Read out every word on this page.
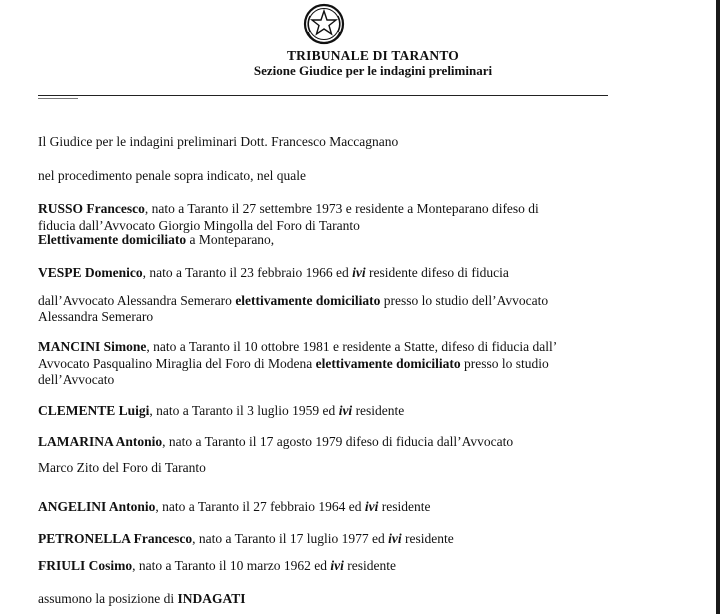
TRIBUNALE DI TARANTO
Sezione Giudice per le indagini preliminari
Il Giudice per le indagini preliminari Dott. Francesco Maccagnano
nel procedimento penale sopra indicato, nel quale
RUSSO Francesco, nato a Taranto il 27 settembre 1973 e residente a Monteparano difeso di
fiducia dall’Avvocato Giorgio Mingolla del Foro di Taranto
Elettivamente domiciliato a Monteparano,
VESPE Domenico, nato a Taranto il 23 febbraio 1966 ed ivi residente difeso di fiducia
dall’Avvocato Alessandra Semeraro elettivamente domiciliato presso lo studio dell’Avvocato
Alessandra Semeraro
MANCINI Simone, nato a Taranto il 10 ottobre 1981 e residente a Statte, difeso di fiducia dall’
Avvocato Pasqualino Miraglia del Foro di Modena elettivamente domiciliato presso lo studio
dell’Avvocato
CLEMENTE Luigi, nato a Taranto il 3 luglio 1959 ed ivi residente
LAMARINA Antonio, nato a Taranto il 17 agosto 1979 difeso di fiducia dall’Avvocato
Marco Zito del Foro di Taranto
ANGELINI Antonio, nato a Taranto il 27 febbraio 1964 ed ivi residente
PETRONELLA Francesco, nato a Taranto il 17 luglio 1977 ed ivi residente
FRIULI Cosimo, nato a Taranto il 10 marzo 1962 ed ivi residente
assumono la posizione di INDAGATI
